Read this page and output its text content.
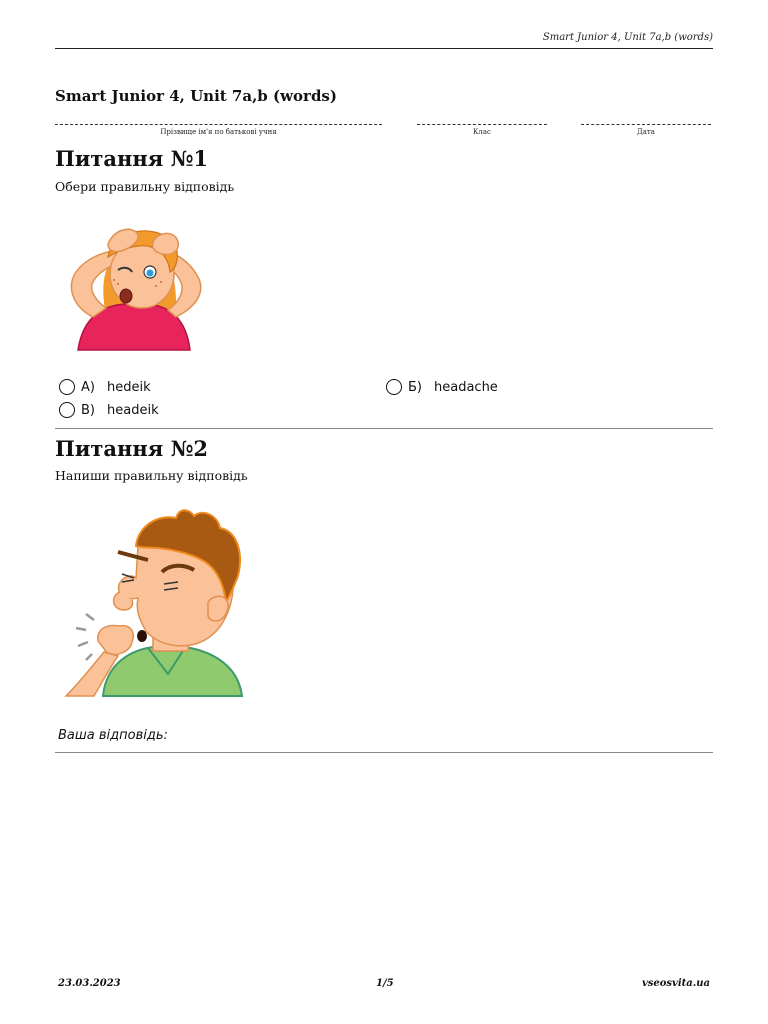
Smart Junior 4, Unit 7a,b (words)
Smart Junior 4, Unit 7a,b (words)
Прізвище ім'я по батькові учня	Клас	Дата
Питання №1
Обери правильну відповідь
А) hedeik	Б) headache
В) headeik
Питання №2
Напиши правильну відповідь
Ваша відповідь:
23.03.2023	1/5	vseosvita.ua
